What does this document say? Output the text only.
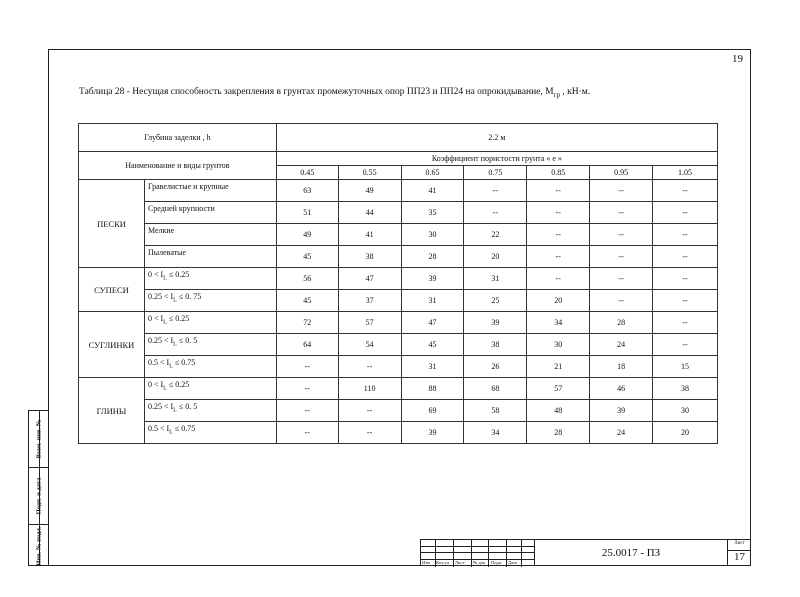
19
Таблица 28 - Несущая способность закрепления в грунтах промежуточных опор ПП23 и ПП24 на опрокидывание, $М_{гр}$ , кН·м.
Глубина заделки , h		2.2 м						
Наименование и виды грунтов		Коэффициент пористости грунта « е »						
		0.45	0.55	0.65	0.75	0.85	0.95	1.05
ПЕСКИ	Гравелистые и крупные	63	49	41	--	--	--	--
	Средней крупности	51	44	35	--	--	--	--
	Мелкие	49	41	30	22	--	--	--
	Пылеватые	45	38	28	20	--	--	--
СУПЕСИ	$0 < I_L \le 0.25$	56	47	39	31	--	--	--
	$0.25 < I_L \le 0$. 75	45	37	31	25	20	--	--
СУГЛИНКИ	$0 < I_L \le 0.25$	72	57	47	39	34	28	--
	$0.25 < I_L \le 0$. 5	64	54	45	38	30	24	--
	$0.5 < I_L \le 0.75$	--	--	31	26	21	18	15
ГЛИНЫ	$0 < I_L \le 0.25$	--	110	88	68	57	46	38
	$0.25 < I_L \le 0$. 5	--	--	69	58	48	39	30
	$0.5 < I_L \le 0.75$	--	--	39	34	28	24	20
Взам. инв. №
Подп. и дата
Инв. № подл.	Изм Кол.уч Лист № док Подп. Дата
25.0017 - ПЗ
Лист
17
